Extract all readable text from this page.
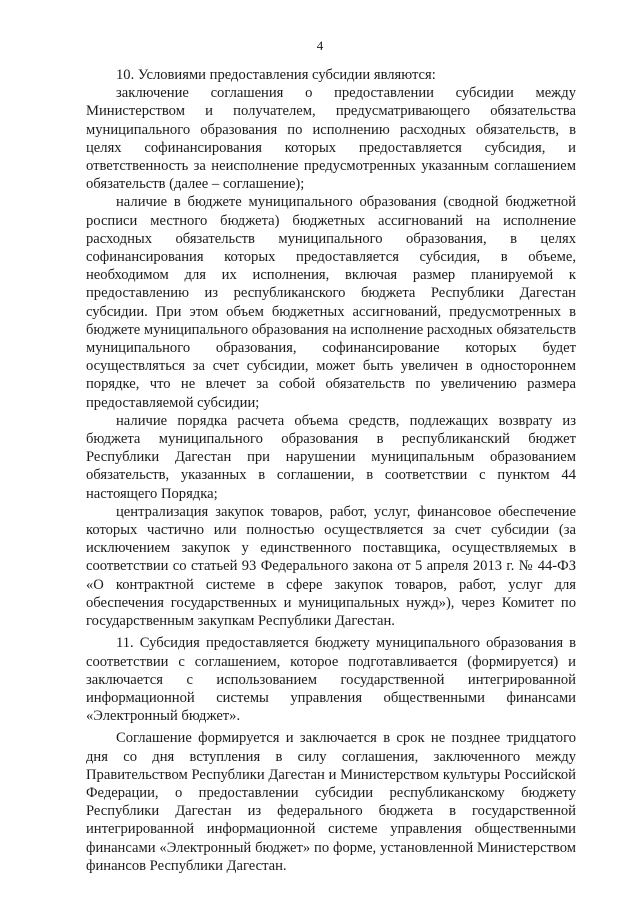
4

10. Условиями предоставления субсидии являются:

заключение соглашения о предоставлении субсидии между Министерством и получателем, предусматривающего обязательства муниципального образования по исполнению расходных обязательств, в целях софинансирования которых предоставляется субсидия, и ответственность за неисполнение предусмотренных указанным соглашением обязательств (далее – соглашение);

наличие в бюджете муниципального образования (сводной бюджетной росписи местного бюджета) бюджетных ассигнований на исполнение расходных обязательств муниципального образования, в целях софинансирования которых предоставляется субсидия, в объеме, необходимом для их исполнения, включая размер планируемой к предоставлению из республиканского бюджета Республики Дагестан субсидии. При этом объем бюджетных ассигнований, предусмотренных в бюджете муниципального образования на исполнение расходных обязательств муниципального образования, софинансирование которых будет осуществляться за счет субсидии, может быть увеличен в одностороннем порядке, что не влечет за собой обязательств по увеличению размера предоставляемой субсидии;

наличие порядка расчета объема средств, подлежащих возврату из бюджета муниципального образования в республиканский бюджет Республики Дагестан при нарушении муниципальным образованием обязательств, указанных в соглашении, в соответствии с пунктом 44 настоящего Порядка;

централизация закупок товаров, работ, услуг, финансовое обеспечение которых частично или полностью осуществляется за счет субсидии (за исключением закупок у единственного поставщика, осуществляемых в соответствии со статьей 93 Федерального закона от 5 апреля 2013 г. № 44-ФЗ «О контрактной системе в сфере закупок товаров, работ, услуг для обеспечения государственных и муниципальных нужд»), через Комитет по государственным закупкам Республики Дагестан.

11. Субсидия предоставляется бюджету муниципального образования в соответствии с соглашением, которое подготавливается (формируется) и заключается с использованием государственной интегрированной информационной системы управления общественными финансами «Электронный бюджет».

Соглашение формируется и заключается в срок не позднее тридцатого дня со дня вступления в силу соглашения, заключенного между Правительством Республики Дагестан и Министерством культуры Российской Федерации, о предоставлении субсидии республиканскому бюджету Республики Дагестан из федерального бюджета в государственной интегрированной информационной системе управления общественными финансами «Электронный бюджет» по форме, установленной Министерством финансов Республики Дагестан.
